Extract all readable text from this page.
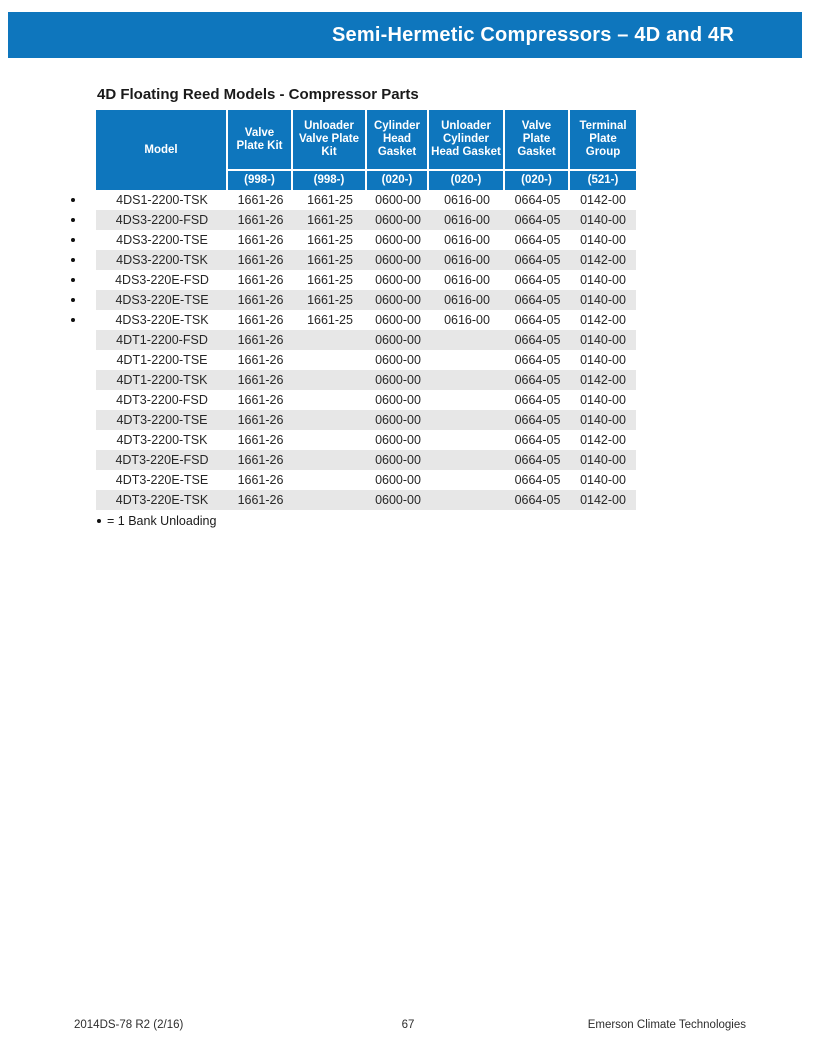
Semi-Hermetic Compressors – 4D and 4R
4D Floating Reed Models - Compressor Parts
Model	Valve Plate Kit	Unloader Valve Plate Kit	Cylinder Head Gasket	Unloader Cylinder Head Gasket	Valve Plate Gasket	Terminal Plate Group
	(998-)	(998-)	(020-)	(020-)	(020-)	(521-)
4DS1-2200-TSK	1661-26	1661-25	0600-00	0616-00	0664-05	0142-00
4DS3-2200-FSD	1661-26	1661-25	0600-00	0616-00	0664-05	0140-00
4DS3-2200-TSE	1661-26	1661-25	0600-00	0616-00	0664-05	0140-00
4DS3-2200-TSK	1661-26	1661-25	0600-00	0616-00	0664-05	0142-00
4DS3-220E-FSD	1661-26	1661-25	0600-00	0616-00	0664-05	0140-00
4DS3-220E-TSE	1661-26	1661-25	0600-00	0616-00	0664-05	0140-00
4DS3-220E-TSK	1661-26	1661-25	0600-00	0616-00	0664-05	0142-00
4DT1-2200-FSD	1661-26		0600-00		0664-05	0140-00
4DT1-2200-TSE	1661-26		0600-00		0664-05	0140-00
4DT1-2200-TSK	1661-26		0600-00		0664-05	0142-00
4DT3-2200-FSD	1661-26		0600-00		0664-05	0140-00
4DT3-2200-TSE	1661-26		0600-00		0664-05	0140-00
4DT3-2200-TSK	1661-26		0600-00		0664-05	0142-00
4DT3-220E-FSD	1661-26		0600-00		0664-05	0140-00
4DT3-220E-TSE	1661-26		0600-00		0664-05	0140-00
4DT3-220E-TSK	1661-26		0600-00		0664-05	0142-00
= 1 Bank Unloading
2014DS-78 R2 (2/16)	67	Emerson Climate Technologies
